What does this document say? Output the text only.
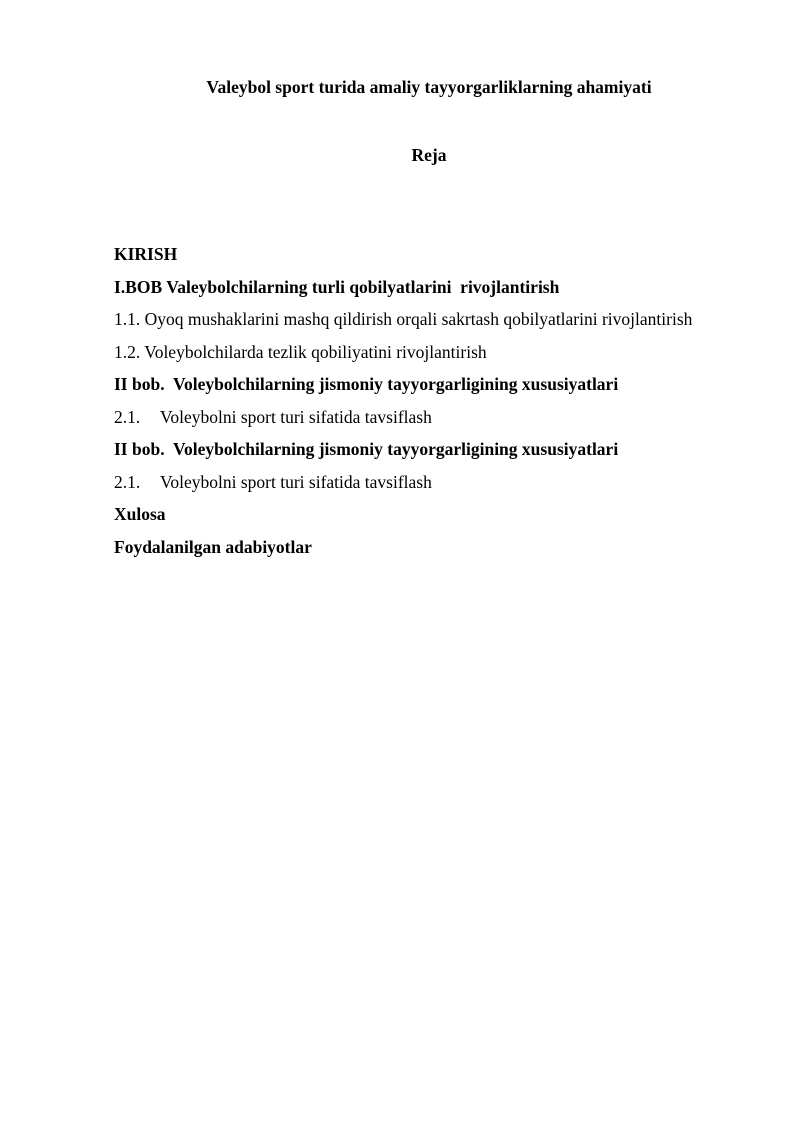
Valeybol sport turida amaliy tayyorgarliklarning ahamiyati
Reja
KIRISH
I.BOB Valeybolchilarning turli qobilyatlarini  rivojlantirish
1.1. Oyoq mushaklarini mashq qildirish orqali sakrtash qobilyatlarini rivojlantirish
1.2. Voleybolchilarda tezlik qobiliyatini rivojlantirish
II bob.  Voleybolchilarning jismoniy tayyorgarligining xususiyatlari
2.1. Voleybolni sport turi sifatida tavsiflash
II bob.  Voleybolchilarning jismoniy tayyorgarligining xususiyatlari
2.1. Voleybolni sport turi sifatida tavsiflash
Xulosa
Foydalanilgan adabiyotlar
